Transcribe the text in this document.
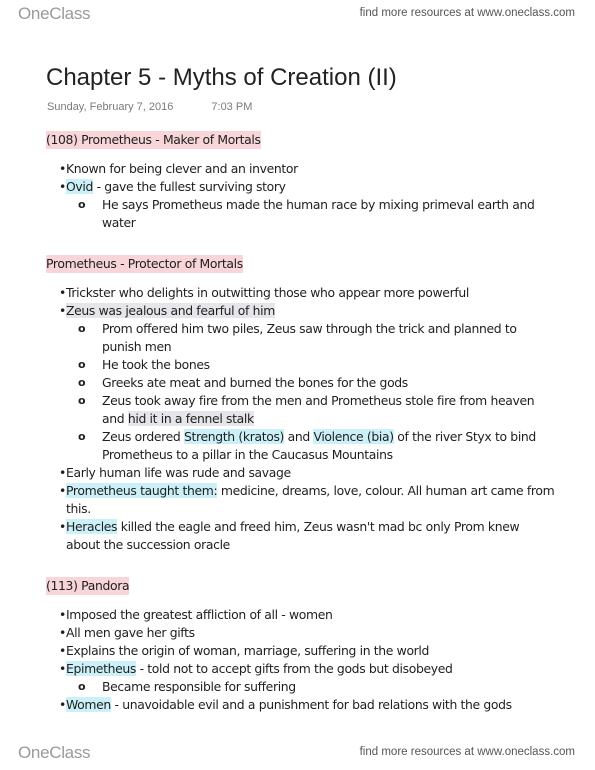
OneClass	find more resources at www.oneclass.com
Chapter 5 - Myths of Creation (II)
Sunday, February 7, 2016	7:03 PM
(108) Prometheus - Maker of Mortals
• Known for being clever and an inventor
• Ovid - gave the fullest surviving story
o He says Prometheus made the human race by mixing primeval earth and water
Prometheus - Protector of Mortals
• Trickster who delights in outwitting those who appear more powerful
• Zeus was jealous and fearful of him
o Prom offered him two piles, Zeus saw through the trick and planned to punish men
o He took the bones
o Greeks ate meat and burned the bones for the gods
o Zeus took away fire from the men and Prometheus stole fire from heaven and hid it in a fennel stalk
o Zeus ordered Strength (kratos) and Violence (bia) of the river Styx to bind Prometheus to a pillar in the Caucasus Mountains
• Early human life was rude and savage
• Prometheus taught them: medicine, dreams, love, colour. All human art came from this.
• Heracles killed the eagle and freed him, Zeus wasn't mad bc only Prom knew about the succession oracle
(113) Pandora
• Imposed the greatest affliction of all - women
• All men gave her gifts
• Explains the origin of woman, marriage, suffering in the world
• Epimetheus - told not to accept gifts from the gods but disobeyed
o Became responsible for suffering
• Women - unavoidable evil and a punishment for bad relations with the gods
OneClass	find more resources at www.oneclass.com
